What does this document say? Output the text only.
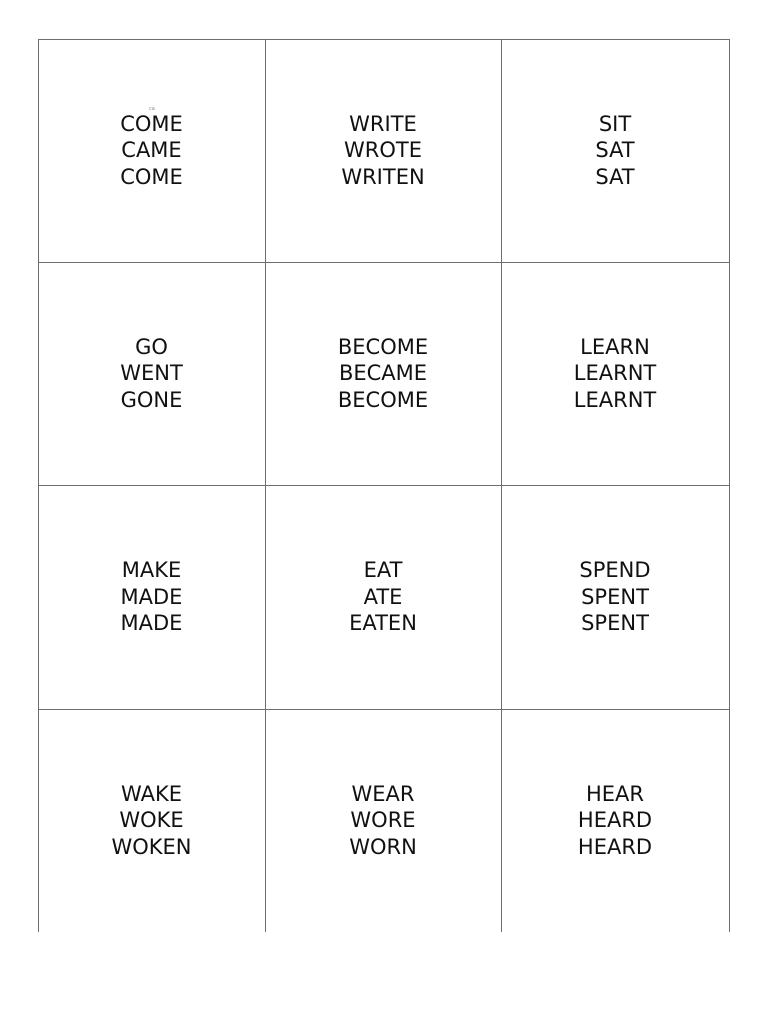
ca
COME
CAME
COME
WRITE
WROTE
WRITEN
SIT
SAT
SAT
GO
WENT
GONE
BECOME
BECAME
BECOME
LEARN
LEARNT
LEARNT
MAKE
MADE
MADE
EAT
ATE
EATEN
SPEND
SPENT
SPENT
WAKE
WOKE
WOKEN
WEAR
WORE
WORN
HEAR
HEARD
HEARD
